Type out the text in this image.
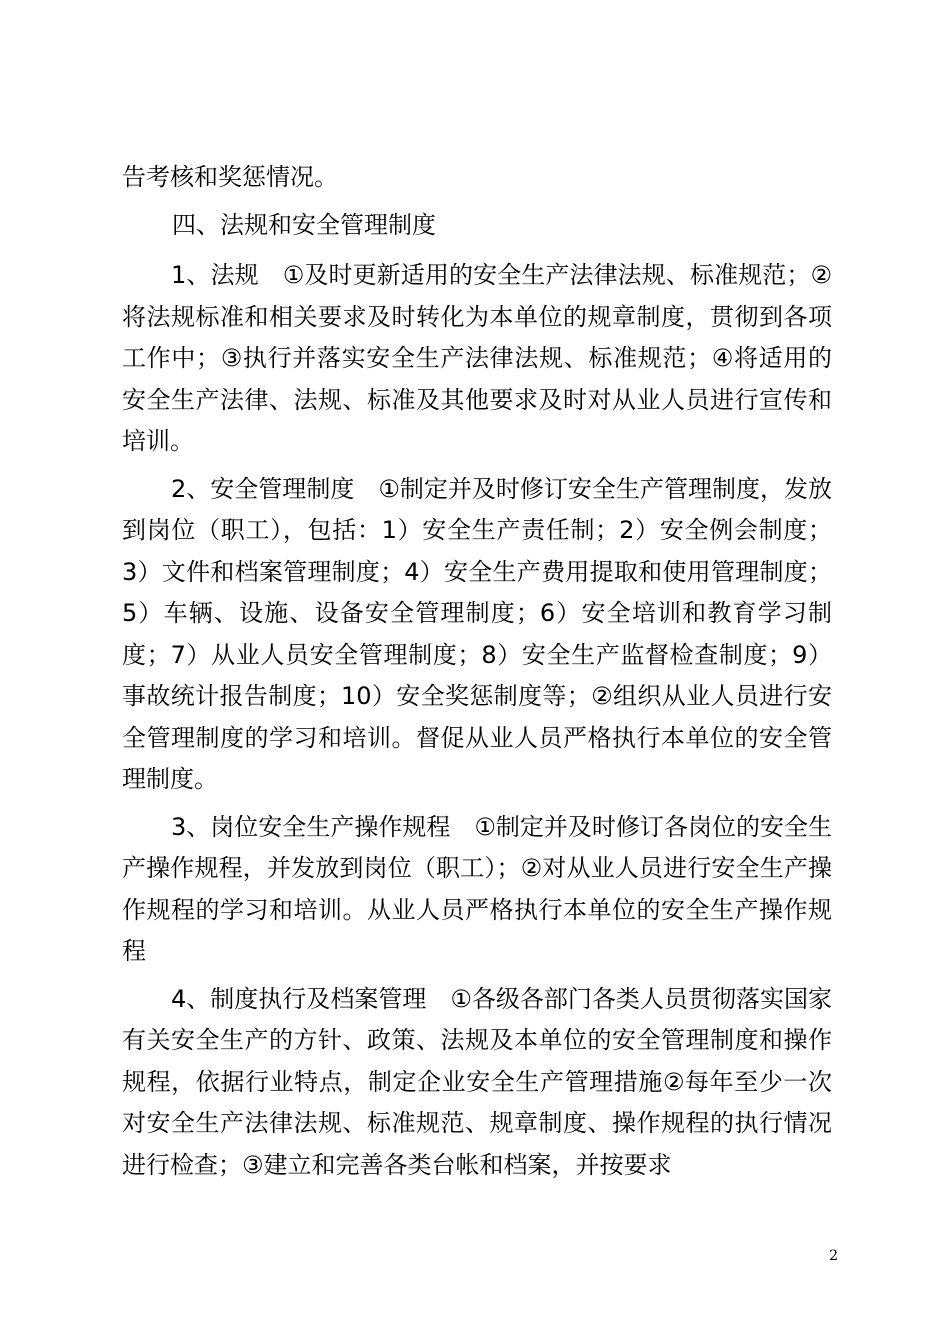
告考核和奖惩情况。

四、法规和安全管理制度

1、法规　①及时更新适用的安全生产法律法规、标准规范；②将法规标准和相关要求及时转化为本单位的规章制度，贯彻到各项工作中；③执行并落实安全生产法律法规、标准规范；④将适用的安全生产法律、法规、标准及其他要求及时对从业人员进行宣传和培训。

2、安全管理制度　①制定并及时修订安全生产管理制度，发放到岗位（职工），包括：1）安全生产责任制；2）安全例会制度；3）文件和档案管理制度；4）安全生产费用提取和使用管理制度；5）车辆、设施、设备安全管理制度；6）安全培训和教育学习制度；7）从业人员安全管理制度；8）安全生产监督检查制度；9）事故统计报告制度；10）安全奖惩制度等；②组织从业人员进行安全管理制度的学习和培训。督促从业人员严格执行本单位的安全管理制度。

3、岗位安全生产操作规程　①制定并及时修订各岗位的安全生产操作规程，并发放到岗位（职工）；②对从业人员进行安全生产操作规程的学习和培训。从业人员严格执行本单位的安全生产操作规程

4、制度执行及档案管理　①各级各部门各类人员贯彻落实国家有关安全生产的方针、政策、法规及本单位的安全管理制度和操作规程，依据行业特点，制定企业安全生产管理措施②每年至少一次对安全生产法律法规、标准规范、规章制度、操作规程的执行情况进行检查；③建立和完善各类台帐和档案，并按要求

2
